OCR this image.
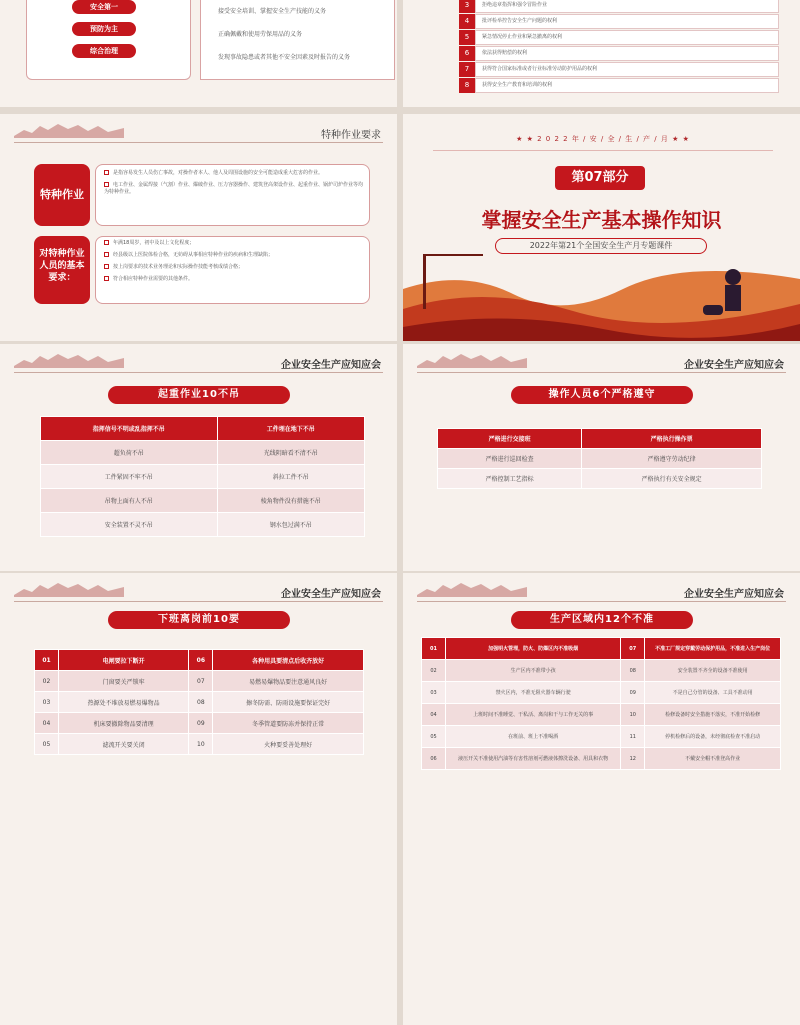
安全第一
预防为主
综合治理
接受安全培训、掌握安全生产技能的义务
正确佩戴和使用劳保用品的义务
发现事故隐患或者其他不安全因素及时报告的义务
3	拒绝违章指挥和强令冒险作业
4	批评检举控告安全生产问题的权利
5	紧急情况停止作业和紧急撤离的权利
6	依法获得赔偿的权利
7	获得符合国家标准或者行业标准劳动防护用品的权利
8	获得安全生产教育和培训的权利
特种作业要求
特种作业
是指容易发生人员伤亡事故，对操作者本人、他人及周围设施的安全可能造成重大危害的作业。
电工作业、金属焊接（气割）作业、爆破作业、压力容器操作、建筑登高架设作业、起重作业、锅炉司炉作业等均为特种作业。
对特种作业人员的基本要求：
年满18周岁，初中及以上文化程度；
经县级以上医院体检合格，无妨碍从事相应特种作业的疾病和生理缺陷；
按上岗要求的技术业务理论和实际操作技能考核成绩合格；
符合相应特种作业需要的其他条件。
★ ★ 2 0 2 2 年 / 安 / 全 / 生 / 产 / 月 ★ ★
第07部分
掌握安全生产基本操作知识
2022年第21个全国安全生产月专题课件
企业安全生产应知应会
起重作业10不吊
指挥信号不明或乱指挥不吊	工件埋在地下不吊
超负荷不吊	光线阴暗看不清不吊
工件紧固不牢不吊	斜拉工件不吊
吊物上面有人不吊	棱角物件没有措施不吊
安全装置不灵不吊	钢水包过满不吊
企业安全生产应知应会
操作人员6个严格遵守
严格进行交接班	严格执行操作票
严格进行巡回检查	严格遵守劳动纪律
严格控制工艺指标	严格执行有关安全规定
企业安全生产应知应会
下班离岗前10要
01	电闸要拉下断开	06	各种用具要清点后收齐放好
02	门窗要关严锁牢	07	易燃易爆物品要注意通风良好
03	热源处不堆放易燃易爆物品	08	擦冬防需、防雨设施要保证完好
04	机床要撤除物品要清理	09	冬季管道要防冻并保持正常
05	滤流开关要关闭	10	火种要妥善处理好
企业安全生产应知应会
生产区域内12个不准
01	加强明火管理，防火、防爆区内不准吸烟	07	不准工厂规定穿戴劳动保护用品，不准进入生产岗位
02	生产区内不准带小孩	08	安全装置不齐全的设备不准使用
03	禁火区内，不准无阻火器车辆行驶	09	不是自己分管的设备、工具不准动用
04	上班时间不准睡觉、干私活、离岗和干与工作无关的事	10	检修设备时安全措施不落实，不准开始检修
05	在班前、班上不准喝酒	11	停机检修后的设备，未经彻底检查不准启动
06	液压开关不准使用汽油等有害性溶剂可燃液体擦洗设备、用具和衣物	12	不戴安全帽不准登高作业
